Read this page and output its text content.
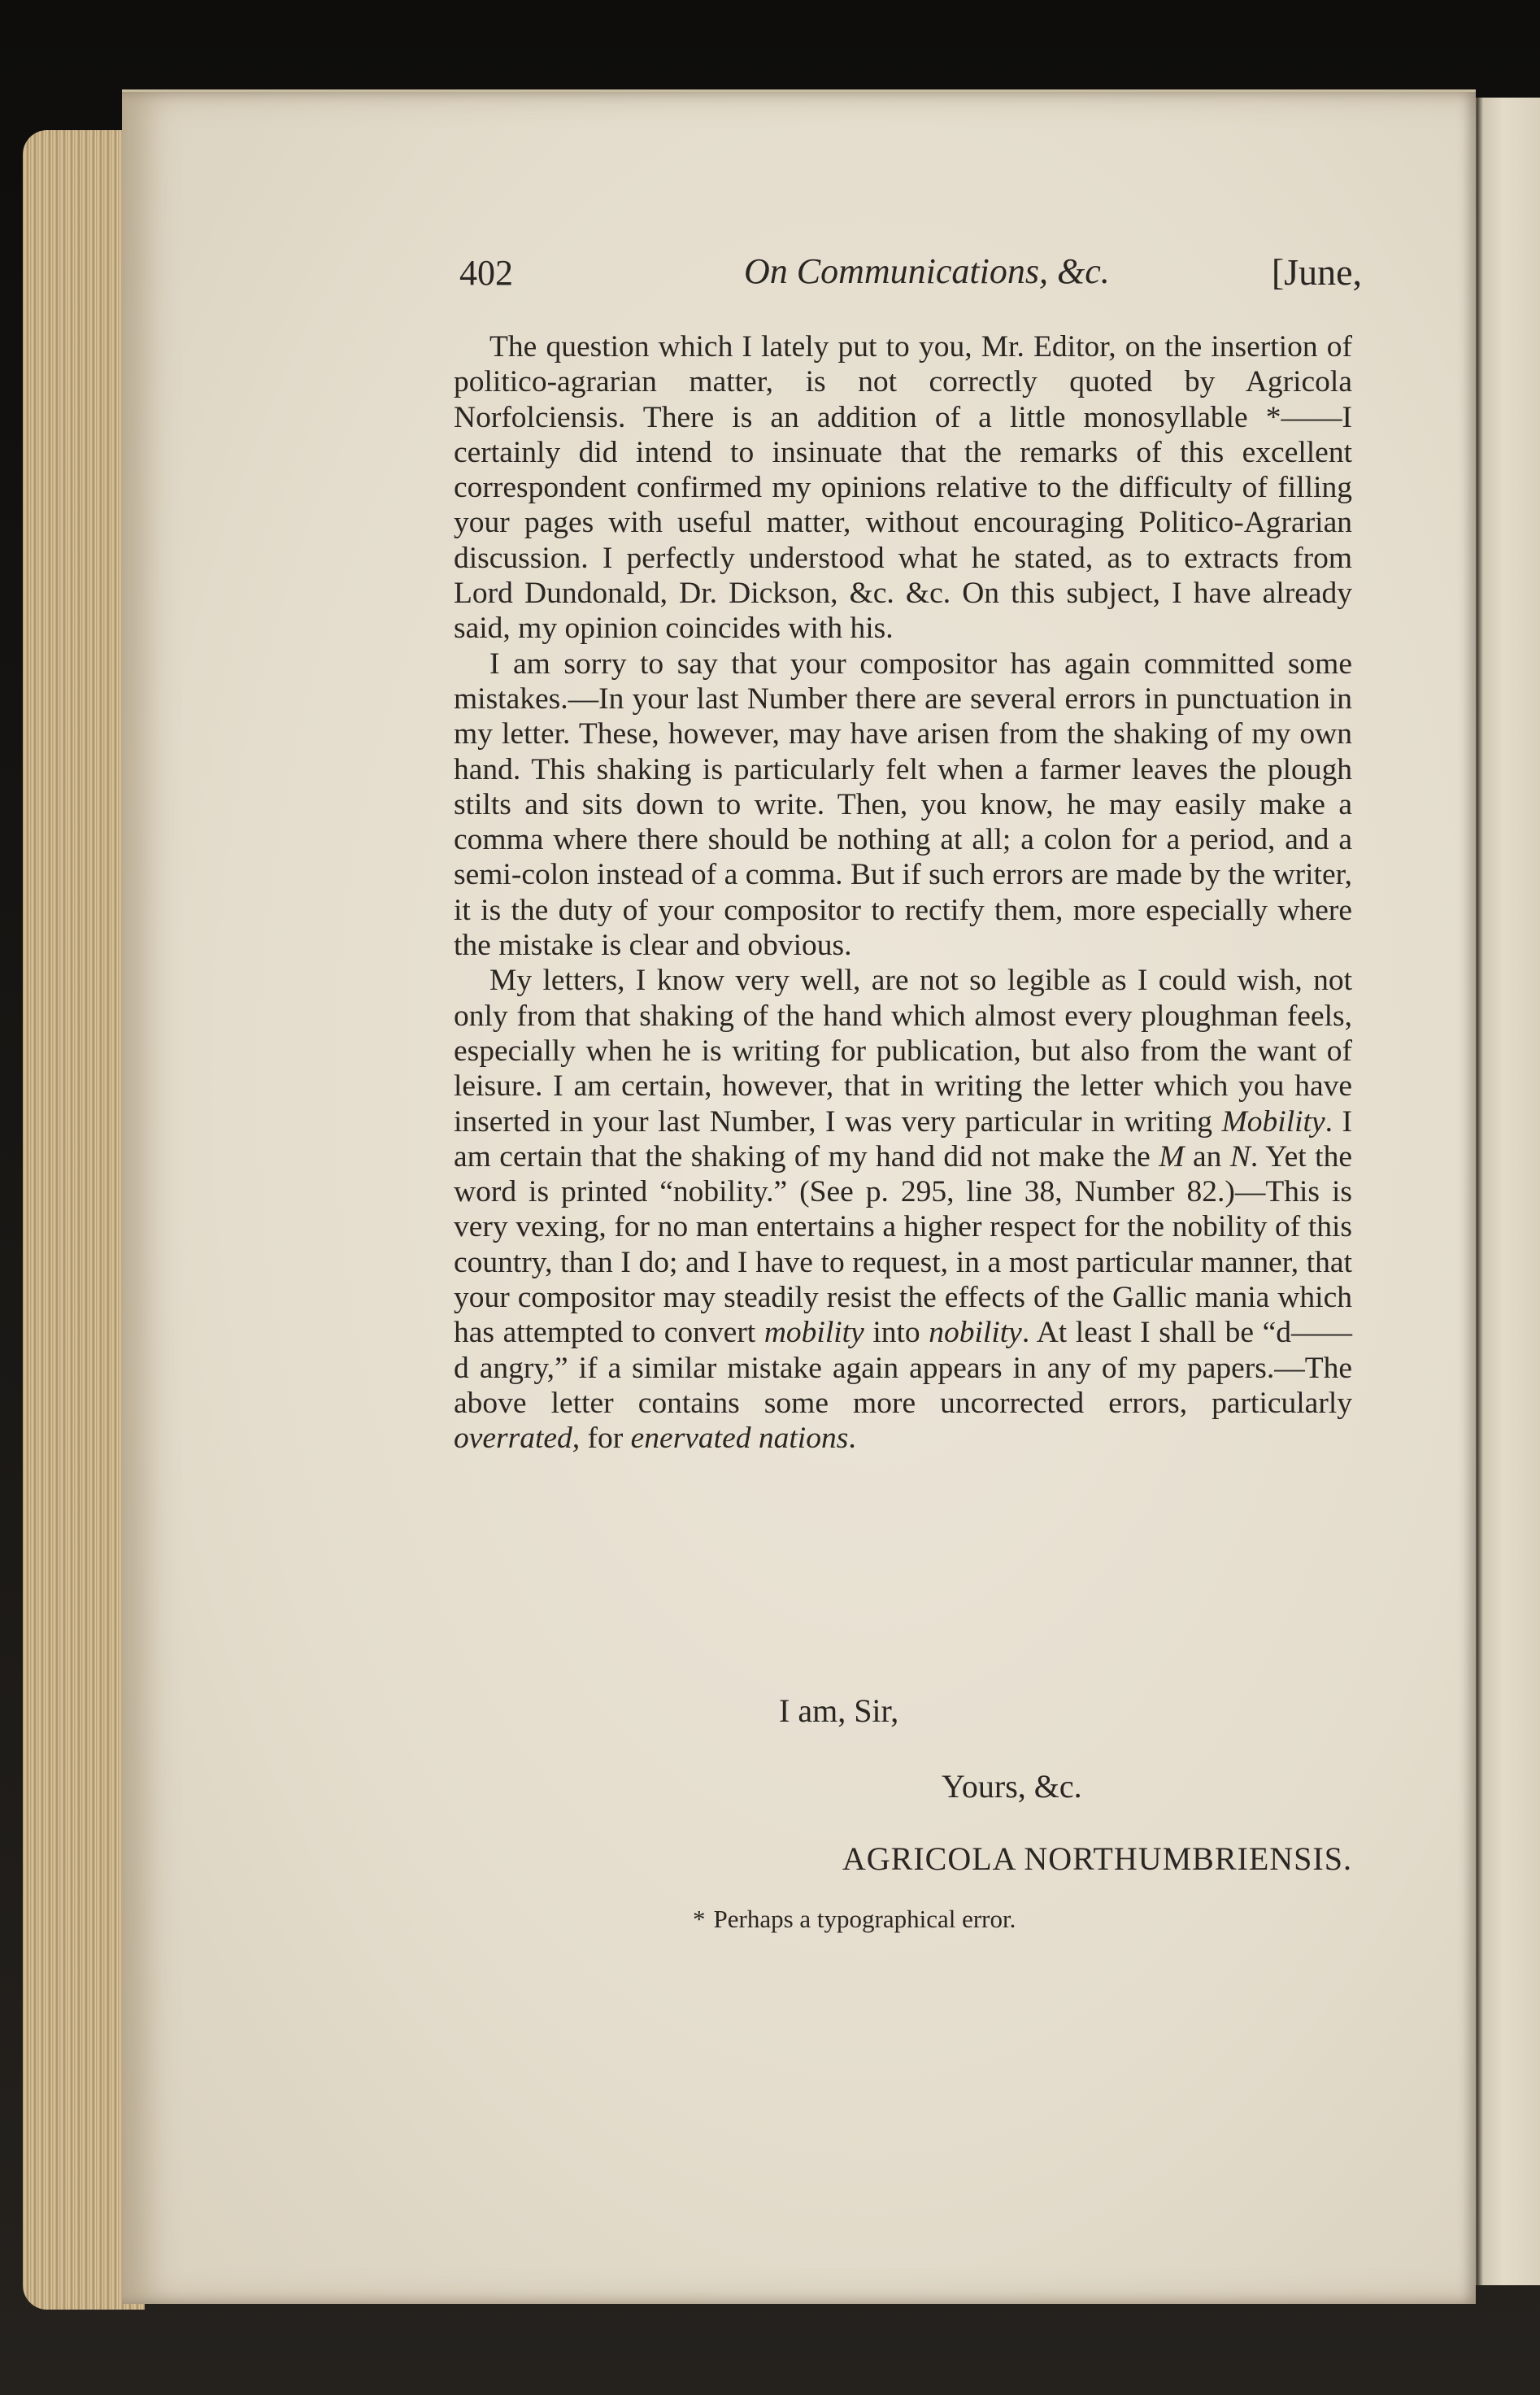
402	On Communications, &c.	[June,

The question which I lately put to you, Mr. Editor, on the insertion of politico-agrarian matter, is not correctly quoted by Agricola Norfolciensis. There is an addition of a little monosyllable *——I certainly did intend to insinuate that the remarks of this excellent correspondent confirmed my opinions relative to the difficulty of filling your pages with useful matter, without encouraging Politico-Agrarian discussion. I perfectly understood what he stated, as to extracts from Lord Dundonald, Dr. Dickson, &c. &c. On this subject, I have already said, my opinion coincides with his.

I am sorry to say that your compositor has again committed some mistakes.—In your last Number there are several errors in punctuation in my letter. These, however, may have arisen from the shaking of my own hand. This shaking is particularly felt when a farmer leaves the plough stilts and sits down to write. Then, you know, he may easily make a comma where there should be nothing at all; a colon for a period, and a semi-colon instead of a comma. But if such errors are made by the writer, it is the duty of your compositor to rectify them, more especially where the mistake is clear and obvious.

My letters, I know very well, are not so legible as I could wish, not only from that shaking of the hand which almost every ploughman feels, especially when he is writing for publication, but also from the want of leisure. I am certain, however, that in writing the letter which you have inserted in your last Number, I was very particular in writing Mobility. I am certain that the shaking of my hand did not make the M an N. Yet the word is printed “nobility.” (See p. 295, line 38, Number 82.)—This is very vexing, for no man entertains a higher respect for the nobility of this country, than I do; and I have to request, in a most particular manner, that your compositor may steadily resist the effects of the Gallic mania which has attempted to convert mobility into nobility. At least I shall be “d——d angry,” if a similar mistake again appears in any of my papers.—The above letter contains some more uncorrected errors, particularly overrated, for enervated nations.

I am, Sir,
Yours, &c.
AGRICOLA NORTHUMBRIENSIS.
* Perhaps a typographical error.
